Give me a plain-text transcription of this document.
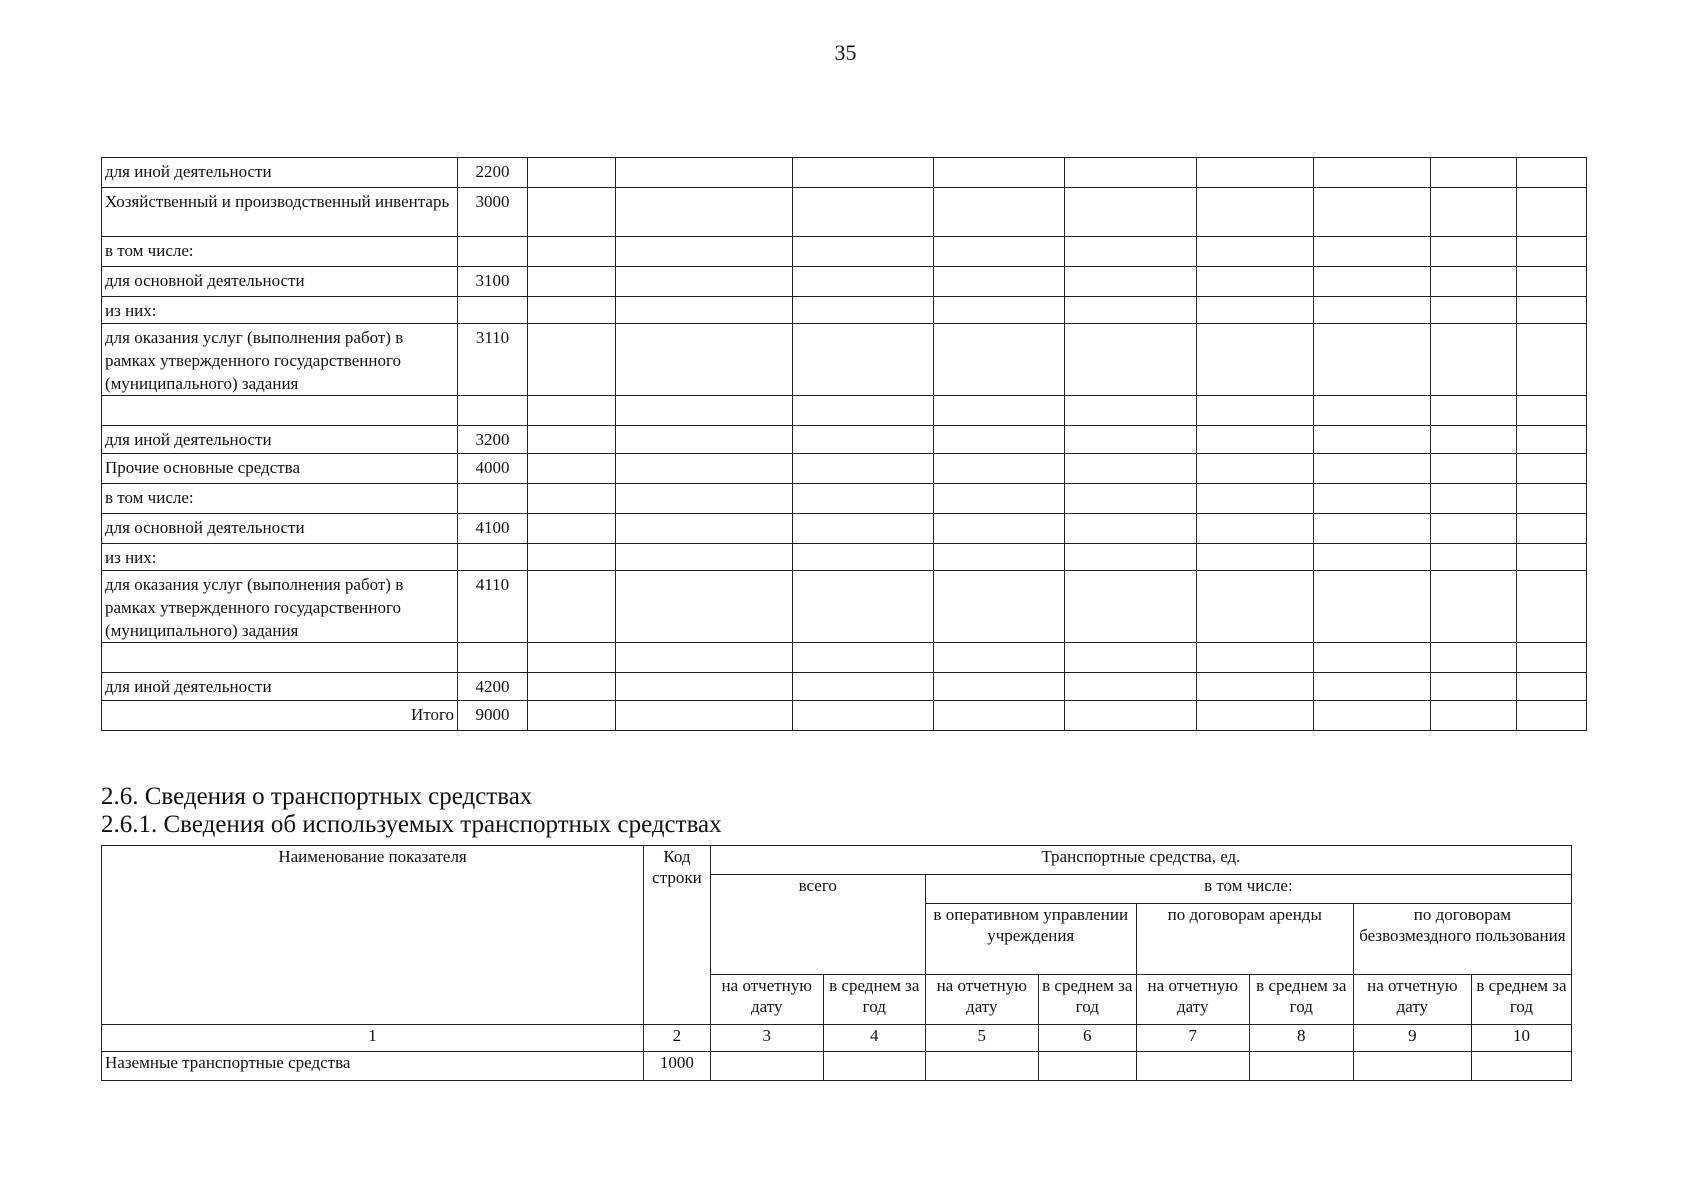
35
для иной деятельности	2200									
Хозяйственный и производственный инвентарь	3000									
в том числе:										
для основной деятельности	3100									
из них:										
для оказания услуг (выполнения работ) в рамках утвержденного государственного (муниципального) задания	3110									

для иной деятельности	3200									
Прочие основные средства	4000									
в том числе:										
для основной деятельности	4100									
из них:										
для оказания услуг (выполнения работ) в рамках утвержденного государственного (муниципального) задания	4110									

для иной деятельности	4200									
Итого	9000									
2.6. Сведения о транспортных средствах
2.6.1. Сведения об используемых транспортных средствах
Наименование показателя	Код строки	Транспортные средства, ед.							
		всего		в том числе:					
				в оперативном управлении учреждения		по договорам аренды		по договорам безвозмездного пользования	
		на отчетную дату	в среднем за год	на отчетную дату	в среднем за год	на отчетную дату	в среднем за год	на отчетную дату	в среднем за год
1	2	3	4	5	6	7	8	9	10
Наземные транспортные средства	1000								
